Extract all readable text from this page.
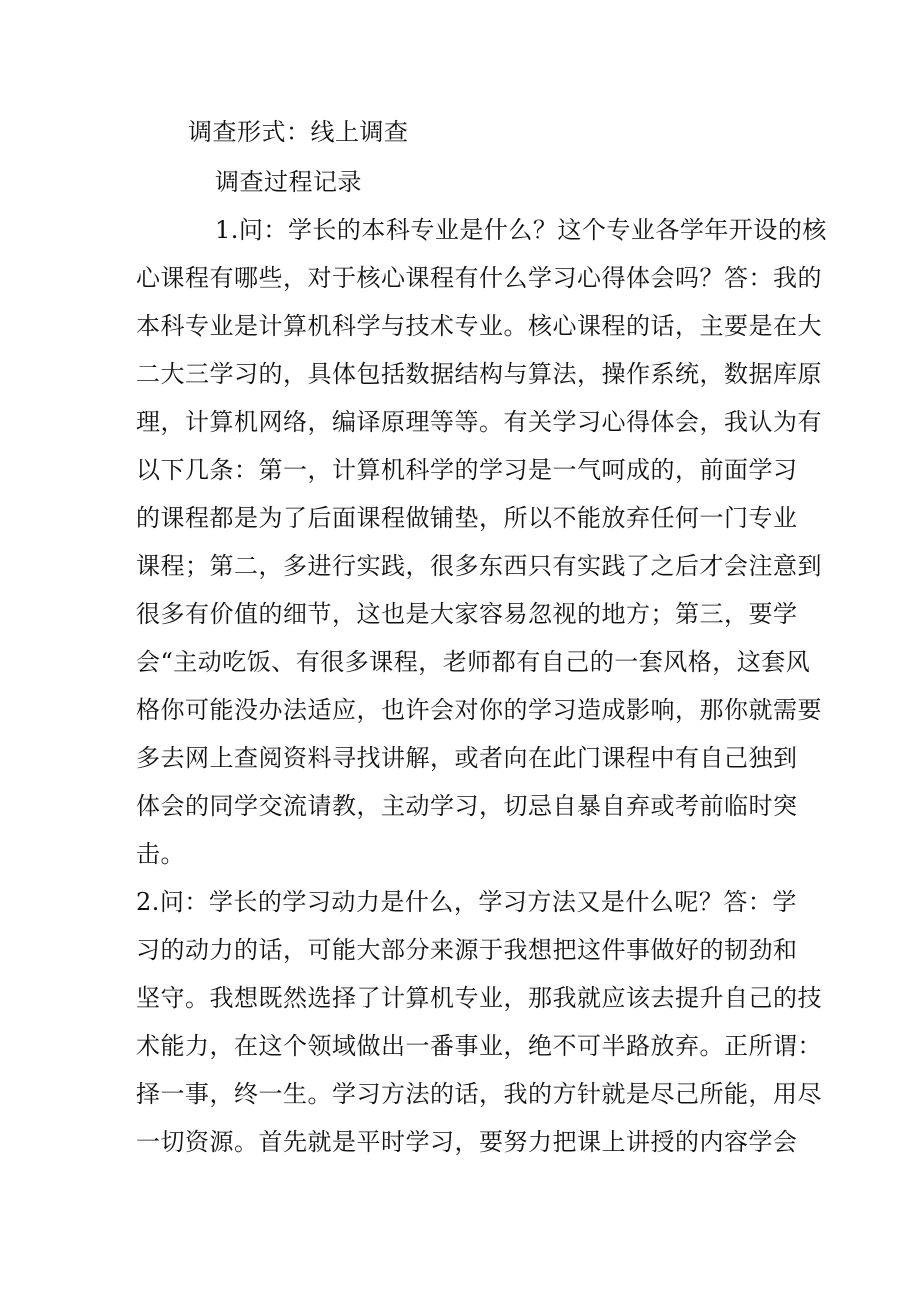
调查形式：线上调查
调查过程记录
1.问：学长的本科专业是什么？这个专业各学年开设的核
心课程有哪些，对于核心课程有什么学习心得体会吗？答：我的
本科专业是计算机科学与技术专业。核心课程的话，主要是在大
二大三学习的，具体包括数据结构与算法，操作系统，数据库原
理，计算机网络，编译原理等等。有关学习心得体会，我认为有
以下几条：第一，计算机科学的学习是一气呵成的，前面学习
的课程都是为了后面课程做铺垫，所以不能放弃任何一门专业
课程；第二，多进行实践，很多东西只有实践了之后才会注意到
很多有价值的细节，这也是大家容易忽视的地方；第三，要学
会“主动吃饭、有很多课程，老师都有自己的一套风格，这套风
格你可能没办法适应，也许会对你的学习造成影响，那你就需要
多去网上查阅资料寻找讲解，或者向在此门课程中有自己独到
体会的同学交流请教，主动学习，切忌自暴自弃或考前临时突
击。
2.问：学长的学习动力是什么，学习方法又是什么呢？答：学
习的动力的话，可能大部分来源于我想把这件事做好的韧劲和
坚守。我想既然选择了计算机专业，那我就应该去提升自己的技
术能力，在这个领域做出一番事业，绝不可半路放弃。正所谓：
择一事，终一生。学习方法的话，我的方针就是尽己所能，用尽
一切资源。首先就是平时学习，要努力把课上讲授的内容学会
